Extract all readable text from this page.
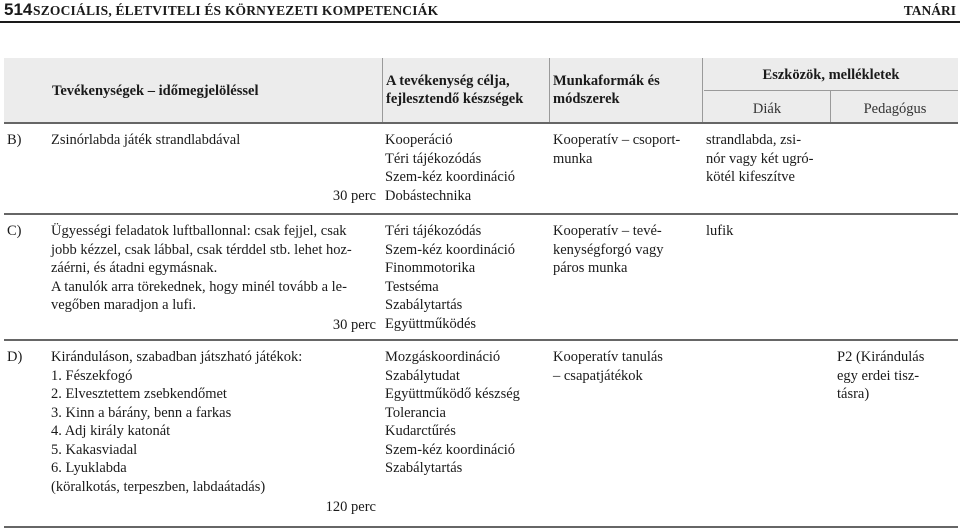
514 SZOCIÁLIS, ÉLETVITELI ÉS KÖRNYEZETI KOMPETENCIÁK	TANÁRI
Tevékenységek – időmegjelöléssel
A tevékenység célja,
fejlesztendő készségek
Munkaformák és
módszerek
Eszközök, mellékletek
Diák	Pedagógus
B) Zsinórlabda játék strandlabdával
30 perc
Kooperáció
Téri tájékozódás
Szem-kéz koordináció
Dobástechnika
Kooperatív – csoport-
munka
strandlabda, zsi-
nór vagy két ugró-
kötél kifeszítve
C) Ügyességi feladatok luftballonnal: csak fejjel, csak
jobb kézzel, csak lábbal, csak térddel stb. lehet hoz-
záérni, és átadni egymásnak.
A tanulók arra törekednek, hogy minél tovább a le-
vegőben maradjon a lufi.
30 perc
Téri tájékozódás
Szem-kéz koordináció
Finommotorika
Testséma
Szabálytartás
Együttműködés
Kooperatív – tevé-
kenységforgó vagy
páros munka
lufik
D) Kiránduláson, szabadban játszható játékok:
1. Fészekfogó
2. Elvesztettem zsebkendőmet
3. Kinn a bárány, benn a farkas
4. Adj király katonát
5. Kakasviadal
6. Lyuklabda
(köralkotás, terpeszben, labdaátadás)
120 perc
Mozgáskoordináció
Szabálytudat
Együttműködő készség
Tolerancia
Kudarctűrés
Szem-kéz koordináció
Szabálytartás
Kooperatív tanulás
– csapatjátékok
P2 (Kirándulás
egy erdei tisz-
tásra)
